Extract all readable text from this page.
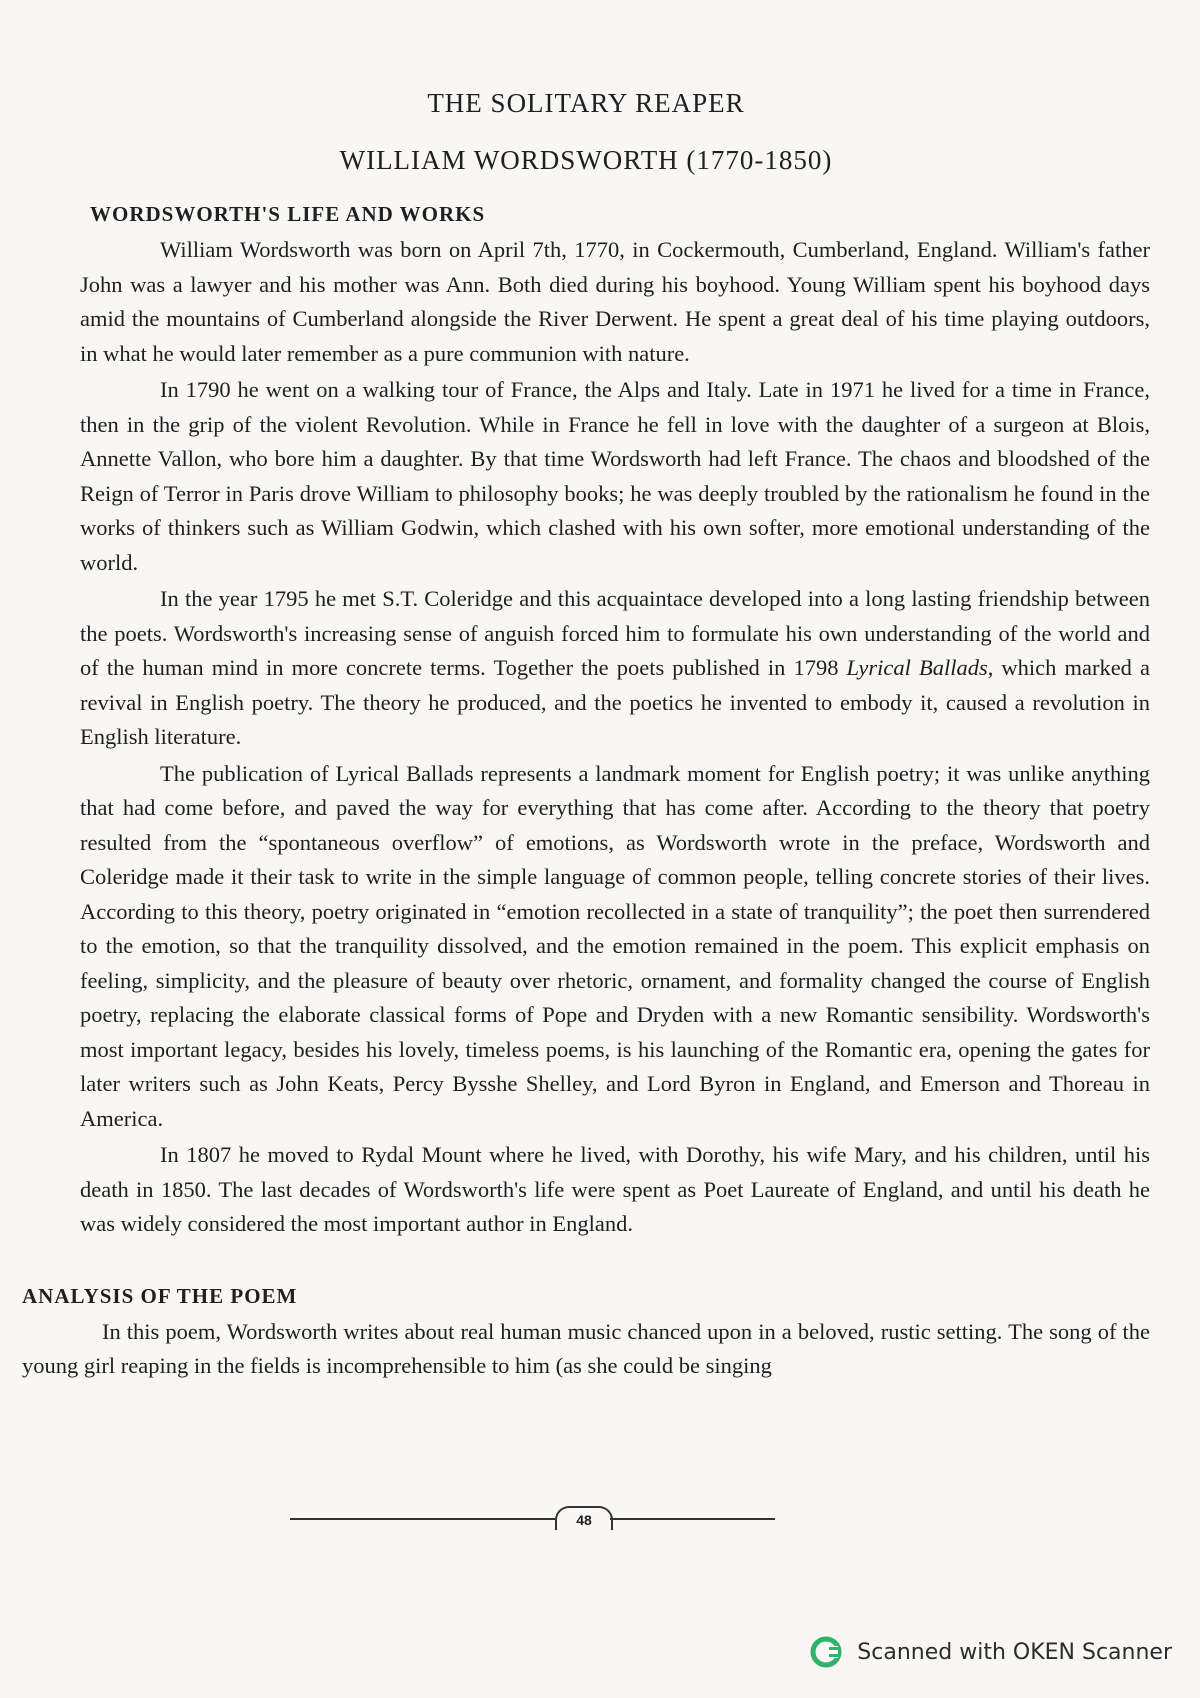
THE SOLITARY REAPER
WILLIAM WORDSWORTH (1770-1850)
WORDSWORTH'S LIFE AND WORKS

William Wordsworth was born on April 7th, 1770, in Cockermouth, Cumberland, England. William's father John was a lawyer and his mother was Ann. Both died during his boyhood. Young William spent his boyhood days amid the mountains of Cumberland alongside the River Derwent. He spent a great deal of his time playing outdoors, in what he would later remember as a pure communion with nature.

In 1790 he went on a walking tour of France, the Alps and Italy. Late in 1971 he lived for a time in France, then in the grip of the violent Revolution. While in France he fell in love with the daughter of a surgeon at Blois, Annette Vallon, who bore him a daughter. By that time Wordsworth had left France. The chaos and bloodshed of the Reign of Terror in Paris drove William to philosophy books; he was deeply troubled by the rationalism he found in the works of thinkers such as William Godwin, which clashed with his own softer, more emotional understanding of the world.

In the year 1795 he met S.T. Coleridge and this acquaintace developed into a long lasting friendship between the poets. Wordsworth's increasing sense of anguish forced him to formulate his own understanding of the world and of the human mind in more concrete terms. Together the poets published in 1798 Lyrical Ballads, which marked a revival in English poetry. The theory he produced, and the poetics he invented to embody it, caused a revolution in English literature.

The publication of Lyrical Ballads represents a landmark moment for English poetry; it was unlike anything that had come before, and paved the way for everything that has come after. According to the theory that poetry resulted from the “spontaneous overflow” of emotions, as Wordsworth wrote in the preface, Wordsworth and Coleridge made it their task to write in the simple language of common people, telling concrete stories of their lives. According to this theory, poetry originated in “emotion recollected in a state of tranquility”; the poet then surrendered to the emotion, so that the tranquility dissolved, and the emotion remained in the poem. This explicit emphasis on feeling, simplicity, and the pleasure of beauty over rhetoric, ornament, and formality changed the course of English poetry, replacing the elaborate classical forms of Pope and Dryden with a new Romantic sensibility. Wordsworth's most important legacy, besides his lovely, timeless poems, is his launching of the Romantic era, opening the gates for later writers such as John Keats, Percy Bysshe Shelley, and Lord Byron in England, and Emerson and Thoreau in America.

In 1807 he moved to Rydal Mount where he lived, with Dorothy, his wife Mary, and his children, until his death in 1850. The last decades of Wordsworth's life were spent as Poet Laureate of England, and until his death he was widely considered the most important author in England.

ANALYSIS OF THE POEM

In this poem, Wordsworth writes about real human music chanced upon in a beloved, rustic setting. The song of the young girl reaping in the fields is incomprehensible to him (as she could be singing

48
Scanned with OKEN Scanner
